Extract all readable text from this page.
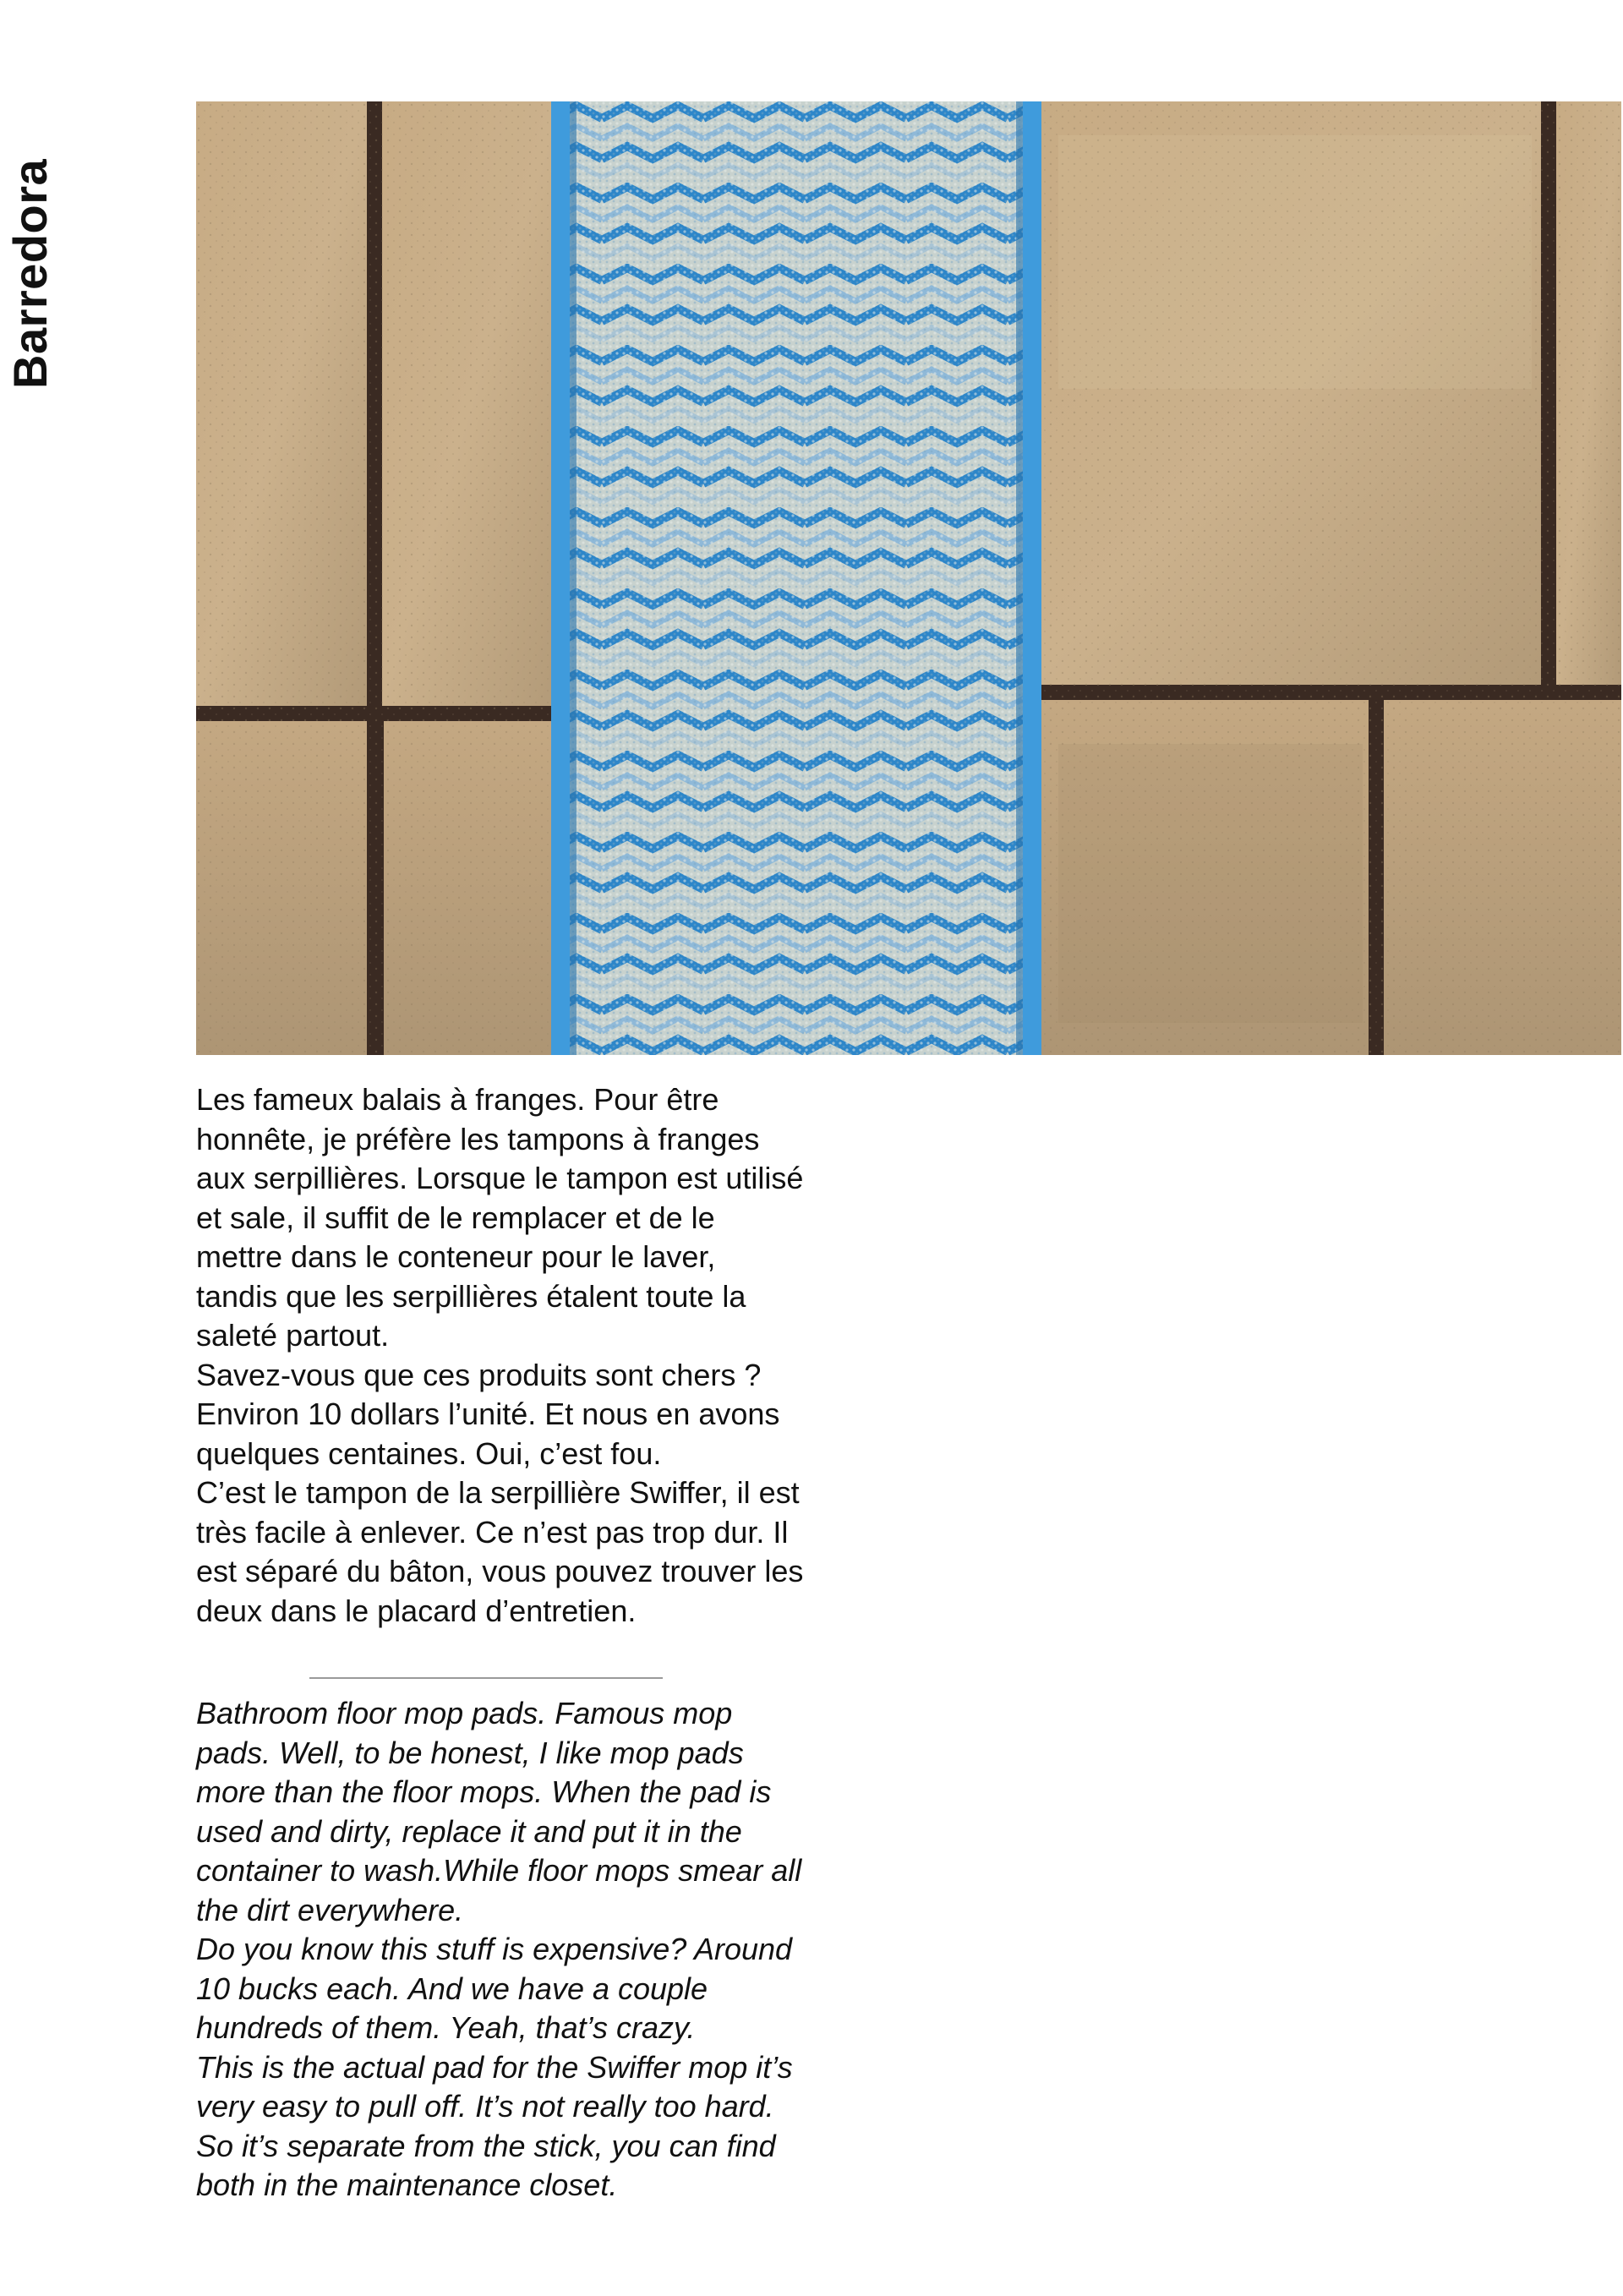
Barredora

Les fameux balais à franges. Pour être honnête, je préfère les tampons à franges aux serpillières. Lorsque le tampon est utilisé et sale, il suffit de le remplacer et de le mettre dans le conteneur pour le laver, tandis que les serpillières étalent toute la saleté partout.

Savez-vous que ces produits sont chers ? Environ 10 dollars l’unité. Et nous en avons quelques centaines. Oui, c’est fou.

C’est le tampon de la serpillière Swiffer, il est très facile à enlever. Ce n’est pas trop dur. Il est séparé du bâton, vous pouvez trouver les deux dans le placard d’entretien.

Bathroom floor mop pads. Famous mop pads. Well, to be honest, I like mop pads more than the floor mops. When the pad is used and dirty, replace it and put it in the container to wash.While floor mops smear all the dirt everywhere.

Do you know this stuff is expensive? Around 10 bucks each. And we have a couple hundreds of them. Yeah, that’s crazy.

This is the actual pad for the Swiffer mop it’s very easy to pull off. It’s not really too hard. So it’s separate from the stick, you can find both in the maintenance closet.
